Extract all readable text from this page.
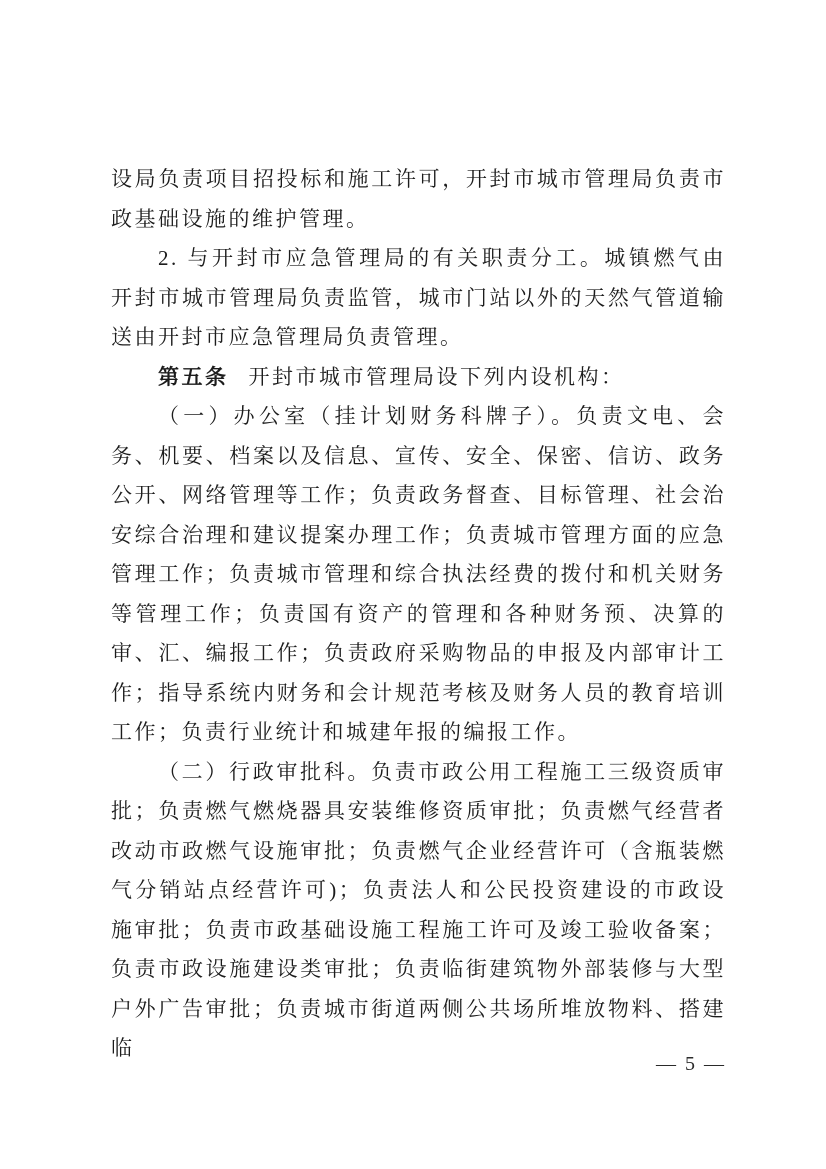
设局负责项目招投标和施工许可，开封市城市管理局负责市政基础设施的维护管理。

2. 与开封市应急管理局的有关职责分工。城镇燃气由开封市城市管理局负责监管，城市门站以外的天然气管道输送由开封市应急管理局负责管理。

第五条 开封市城市管理局设下列内设机构：

（一）办公室（挂计划财务科牌子）。负责文电、会务、机要、档案以及信息、宣传、安全、保密、信访、政务公开、网络管理等工作；负责政务督查、目标管理、社会治安综合治理和建议提案办理工作；负责城市管理方面的应急管理工作；负责城市管理和综合执法经费的拨付和机关财务等管理工作；负责国有资产的管理和各种财务预、决算的审、汇、编报工作；负责政府采购物品的申报及内部审计工作；指导系统内财务和会计规范考核及财务人员的教育培训工作；负责行业统计和城建年报的编报工作。

（二）行政审批科。负责市政公用工程施工三级资质审批；负责燃气燃烧器具安装维修资质审批；负责燃气经营者改动市政燃气设施审批；负责燃气企业经营许可（含瓶装燃气分销站点经营许可)；负责法人和公民投资建设的市政设施审批；负责市政基础设施工程施工许可及竣工验收备案；负责市政设施建设类审批；负责临街建筑物外部装修与大型户外广告审批；负责城市街道两侧公共场所堆放物料、搭建临

— 5 —
